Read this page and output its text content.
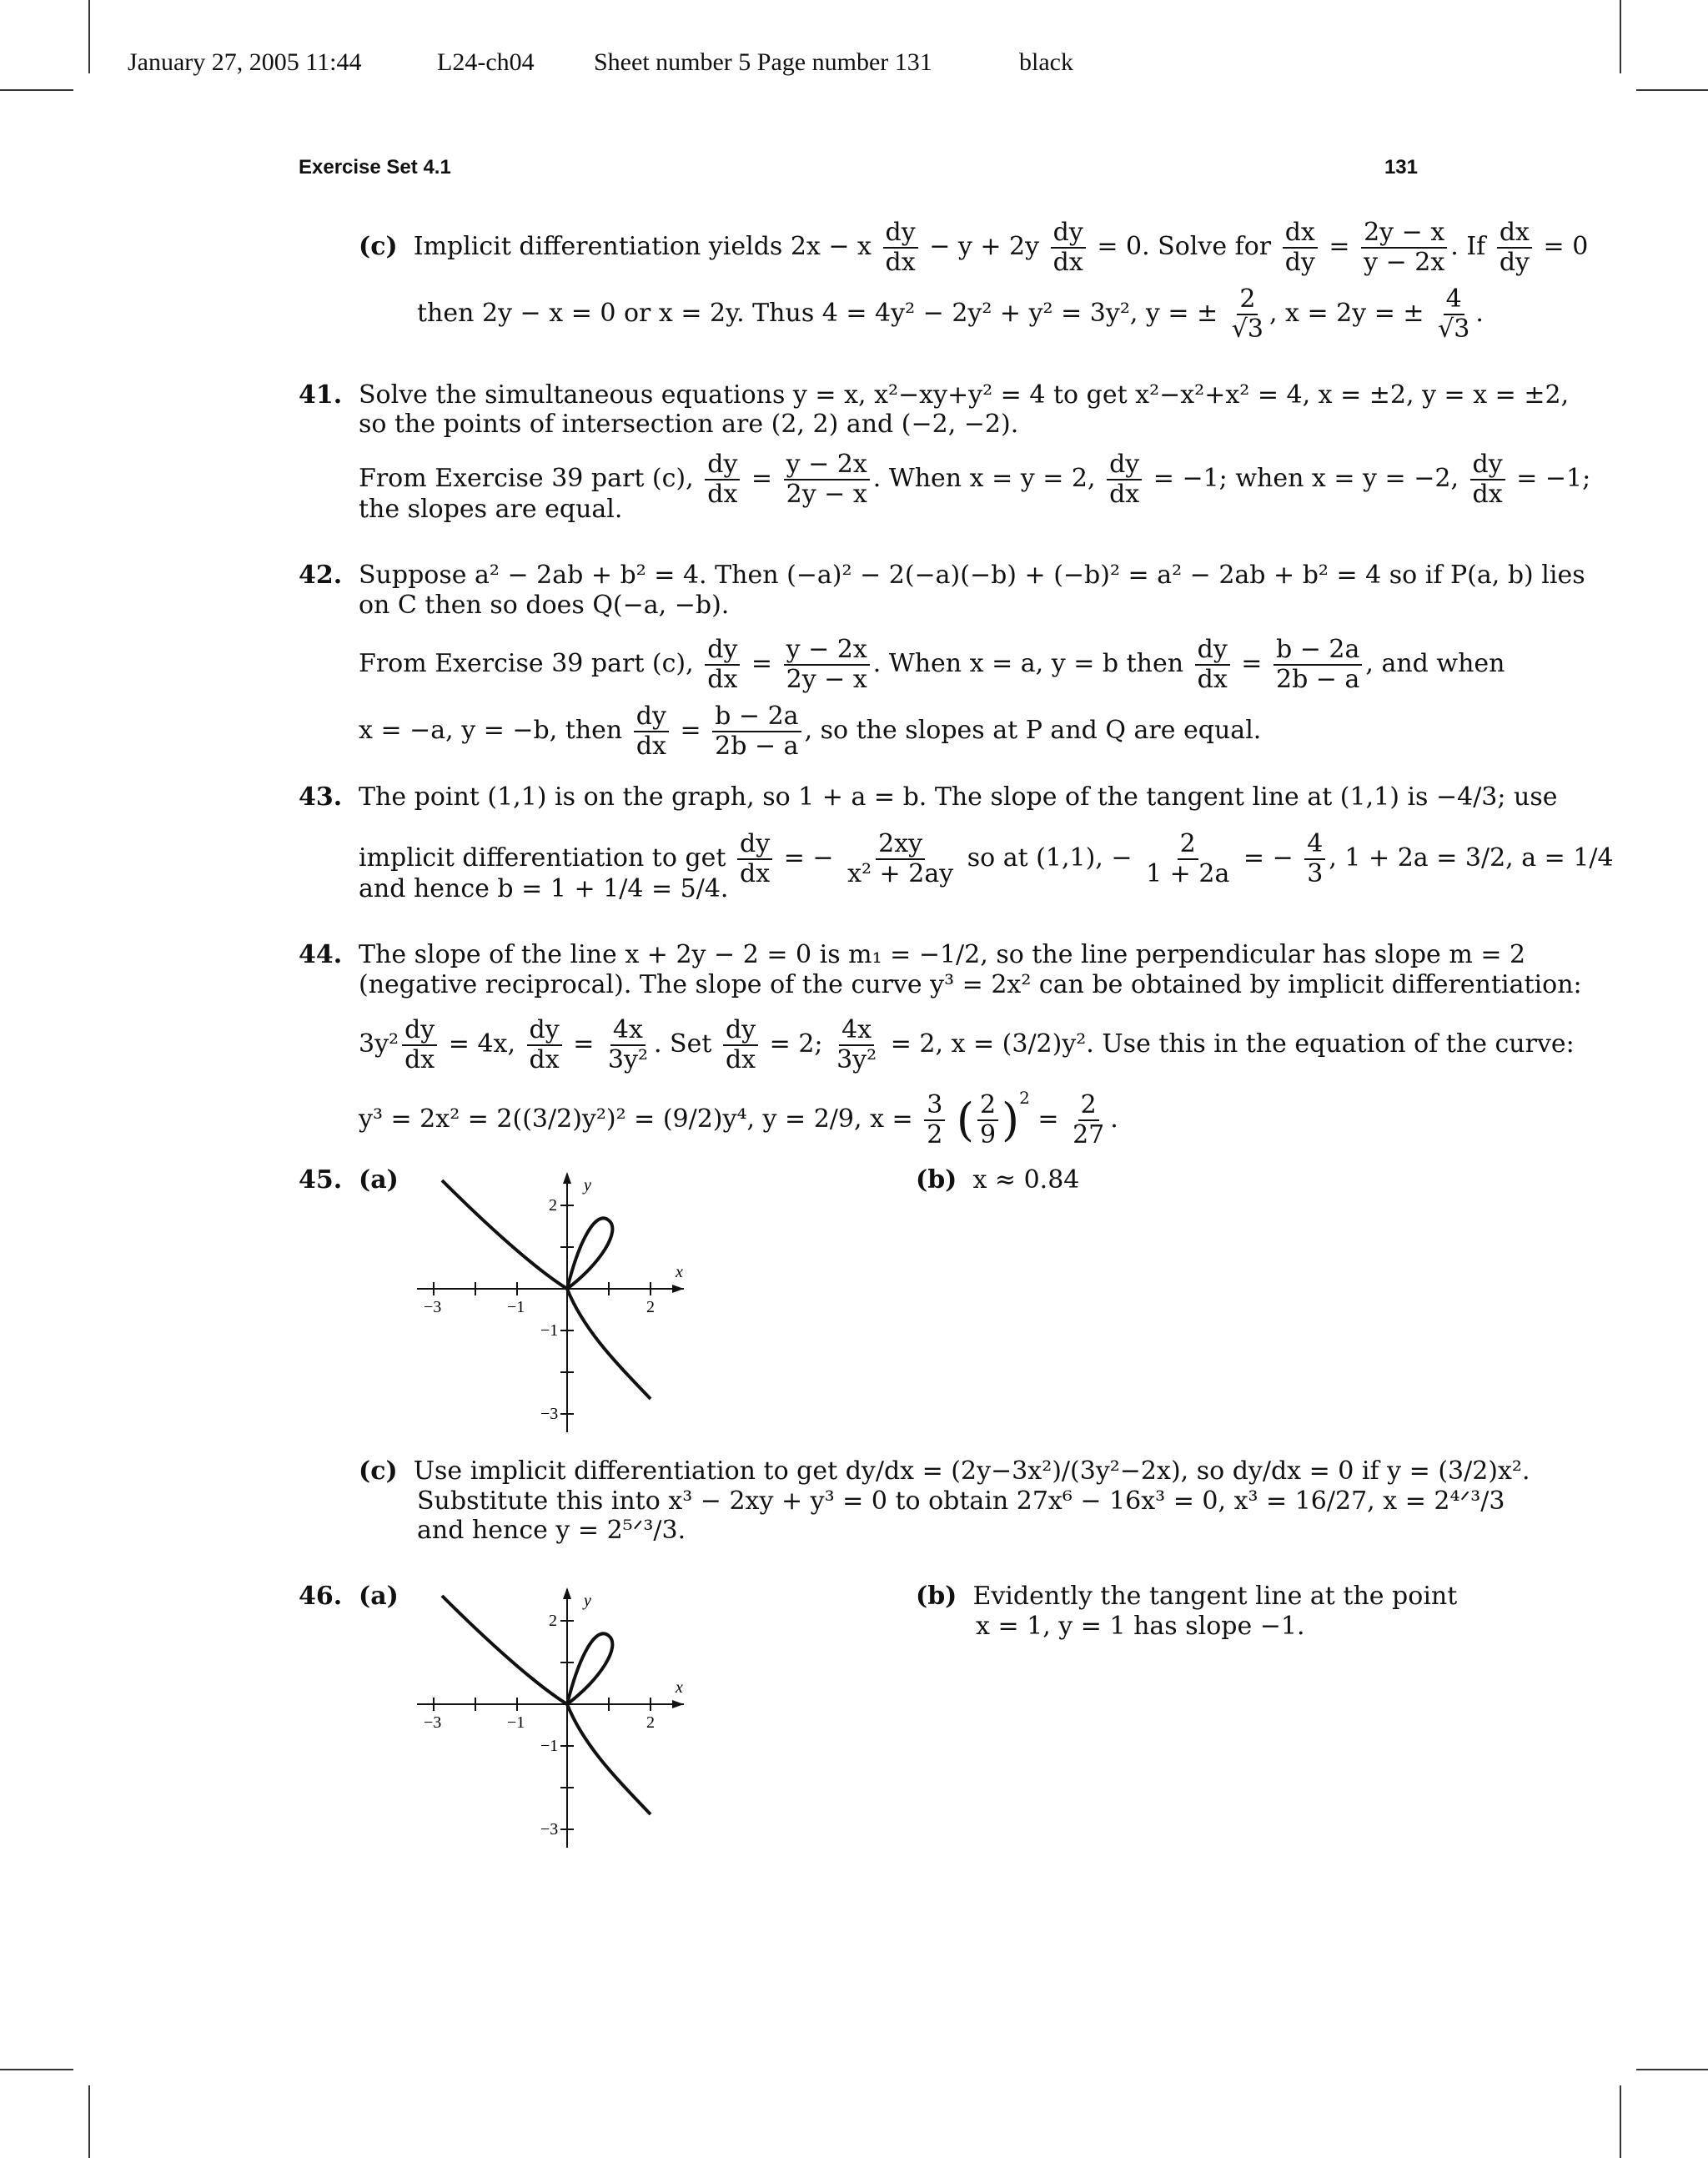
January 27, 2005 11:44	L24-ch04 Sheet number 5 Page number 131	black
Exercise Set 4.1	131
(c) Implicit differentiation yields 2x − x $\frac{dy}{dx} - y + 2y \frac{dy}{dx} = 0$. Solve for $\frac{dx}{dy} = \frac{2y - x}{y - 2x}$ . If $\frac{dx}{dy} = 0$
then 2y − x = 0 or x = 2y. Thus 4 = 4y² − 2y² + y² = 3y², y = ± $\frac{2}{√3}$ , x = 2y = ± $\frac{4}{√3}$ .
41. Solve the simultaneous equations y = x, x²−xy+y² = 4 to get x²−x²+x² = 4, x = ±2, y = x = ±2,
so the points of intersection are (2, 2) and (−2, −2).
From Exercise 39 part (c), $\frac{dy}{dx} = \frac{y - 2x}{2y - x}$ . When x = y = 2, $\frac{dy}{dx} = -1$; when x = y = −2, $\frac{dy}{dx} = -1$;
the slopes are equal.
42. Suppose a² − 2ab + b² = 4. Then (−a)² − 2(−a)(−b) + (−b)² = a² − 2ab + b² = 4 so if P(a, b) lies
on C then so does Q(−a, −b).
From Exercise 39 part (c), $\frac{dy}{dx} = \frac{y - 2x}{2y - x}$ . When x = a, y = b then $\frac{dy}{dx} = \frac{b - 2a}{2b - a}$ , and when
x = −a, y = −b, then $\frac{dy}{dx} = \frac{b - 2a}{2b - a}$ , so the slopes at P and Q are equal.
43. The point (1,1) is on the graph, so 1 + a = b. The slope of the tangent line at (1,1) is −4/3; use
implicit differentiation to get $\frac{dy}{dx}$ = − $\frac{2xy}{\text{x² + 2ay}}$ so at (1,1), − $\frac{2}{1 + 2a}$ = − $\frac{4}{3}$ , 1 + 2a = 3/2, a = 1/4
and hence b = 1 + 1/4 = 5/4.
44. The slope of the line x + 2y − 2 = 0 is m₁ = −1/2, so the line perpendicular has slope m = 2
(negative reciprocal). The slope of the curve y³ = 2x² can be obtained by implicit differentiation:
$3y^2 \frac{dy}{dx} = 4x$, $\frac{dy}{dx} = \frac{4x}{\text{3y²}}$ . Set $\frac{dy}{dx} = 2$; $\frac{4x}{\text{3y²}} = 2$, x = (3/2)y². Use this in the equation of the curve:
y³ = 2x² = 2((3/2)y²)² = (9/2)y⁴, y = 2/9, $x = \frac{3}{2}$ ( $\frac{2}{9} )^2 = \frac{2}{27}$ .
45. (a)	(b) x ≈ 0.84
y
x
−3	−1	2
2
−1
−3
(c) Use implicit differentiation to get dy/dx = (2y−3x²)/(3y²−2x), so dy/dx = 0 if y = (3/2)x².
Substitute this into x³ − 2xy + y³ = 0 to obtain 27x⁶ − 16x³ = 0, x³ = 16/27, x = 2⁴ᐟ³/3
and hence y = 2⁵ᐟ³/3.
46. (a)	(b) Evidently the tangent line at the point
x = 1, y = 1 has slope −1.
y
x
−3	−1	2
2
−1
−3
